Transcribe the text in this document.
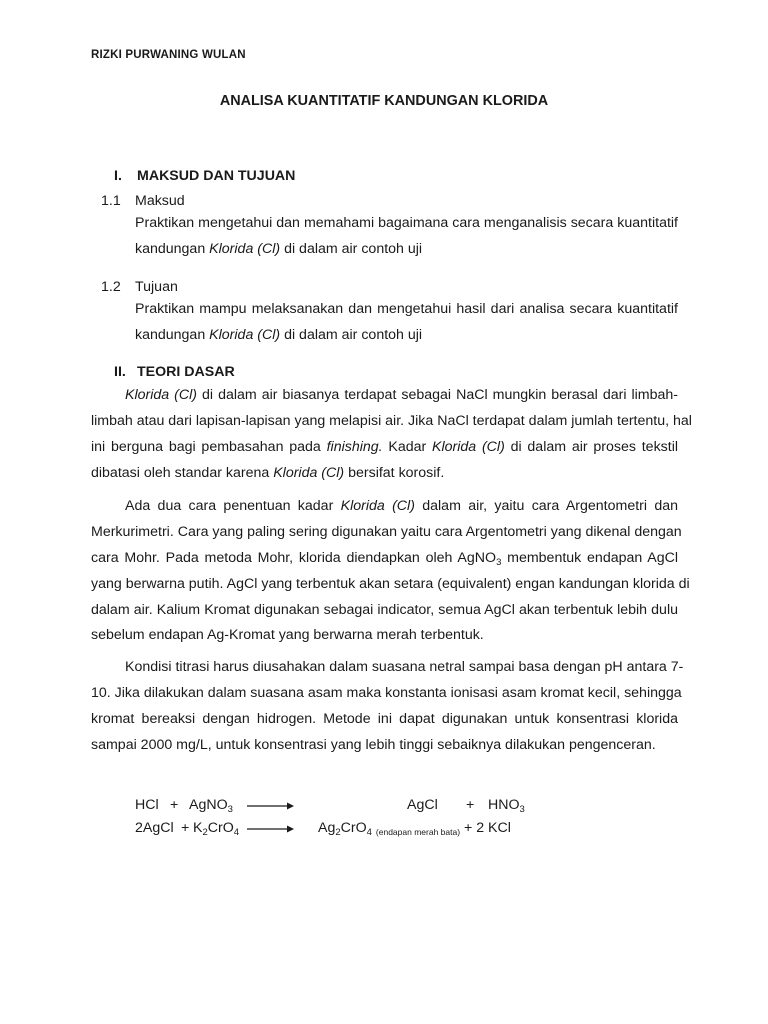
RIZKI PURWANING WULAN
ANALISA KUANTITATIF KANDUNGAN KLORIDA
I. MAKSUD DAN TUJUAN
1.1 Maksud
Praktikan mengetahui dan memahami bagaimana cara menganalisis secara kuantitatif
kandungan Klorida (Cl) di dalam air contoh uji
1.2 Tujuan
Praktikan mampu melaksanakan dan mengetahui hasil dari analisa secara kuantitatif
kandungan Klorida (Cl) di dalam air contoh uji
II. TEORI DASAR
Klorida (Cl) di dalam air biasanya terdapat sebagai NaCl mungkin berasal dari limbah-
limbah atau dari lapisan-lapisan yang melapisi air. Jika NaCl terdapat dalam jumlah tertentu, hal
ini berguna bagi pembasahan pada finishing. Kadar Klorida (Cl) di dalam air proses tekstil
dibatasi oleh standar karena Klorida (Cl) bersifat korosif.
Ada dua cara penentuan kadar Klorida (Cl) dalam air, yaitu cara Argentometri dan
Merkurimetri. Cara yang paling sering digunakan yaitu cara Argentometri yang dikenal dengan
cara Mohr. Pada metoda Mohr, klorida diendapkan oleh AgNO$_3$ membentuk endapan AgCl
yang berwarna putih. AgCl yang terbentuk akan setara (equivalent) engan kandungan klorida di
dalam air. Kalium Kromat digunakan sebagai indicator, semua AgCl akan terbentuk lebih dulu
sebelum endapan Ag-Kromat yang berwarna merah terbentuk.
Kondisi titrasi harus diusahakan dalam suasana netral sampai basa dengan pH antara 7-
10. Jika dilakukan dalam suasana asam maka konstanta ionisasi asam kromat kecil, sehingga
kromat bereaksi dengan hidrogen. Metode ini dapat digunakan untuk konsentrasi klorida
sampai 2000 mg/L, untuk konsentrasi yang lebih tinggi sebaiknya dilakukan pengenceran.
HCl + AgNO$_3$ →	AgCl + $HNO_3$
2AgCl + $K_2CrO_4 \to Ag_2CrO_4$ $_{(endapan merah bata)}$ + 2 KCl
